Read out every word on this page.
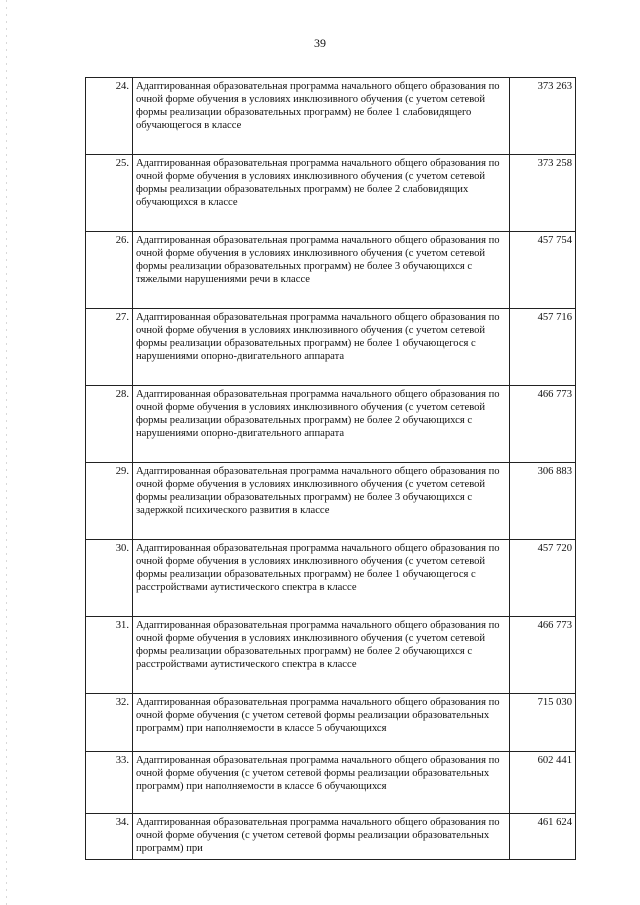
39
24.	Адаптированная образовательная программа начального общего образования по очной форме обучения в условиях инклюзивного обучения (с учетом сетевой формы реализации образовательных программ) не более 1 слабовидящего обучающегося в классе	373 263
25.	Адаптированная образовательная программа начального общего образования по очной форме обучения в условиях инклюзивного обучения (с учетом сетевой формы реализации образовательных программ) не более 2 слабовидящих обучающихся в классе	373 258
26.	Адаптированная образовательная программа начального общего образования по очной форме обучения в условиях инклюзивного обучения (с учетом сетевой формы реализации образовательных программ) не более 3 обучающихся с тяжелыми нарушениями речи в классе	457 754
27.	Адаптированная образовательная программа начального общего образования по очной форме обучения в условиях инклюзивного обучения (с учетом сетевой формы реализации образовательных программ) не более 1 обучающегося с нарушениями опорно-двигательного аппарата	457 716
28.	Адаптированная образовательная программа начального общего образования по очной форме обучения в условиях инклюзивного обучения (с учетом сетевой формы реализации образовательных программ) не более 2 обучающихся с нарушениями опорно-двигательного аппарата	466 773
29.	Адаптированная образовательная программа начального общего образования по очной форме обучения в условиях инклюзивного обучения (с учетом сетевой формы реализации образовательных программ) не более 3 обучающихся с задержкой психического развития в классе	306 883
30.	Адаптированная образовательная программа начального общего образования по очной форме обучения в условиях инклюзивного обучения (с учетом сетевой формы реализации образовательных программ) не более 1 обучающегося с расстройствами аутистического спектра в классе	457 720
31.	Адаптированная образовательная программа начального общего образования по очной форме обучения в условиях инклюзивного обучения (с учетом сетевой формы реализации образовательных программ) не более 2 обучающихся с расстройствами аутистического спектра в классе	466 773
32.	Адаптированная образовательная программа начального общего образования по очной форме обучения (с учетом сетевой формы реализации образовательных программ) при наполняемости в классе 5 обучающихся	715 030
33.	Адаптированная образовательная программа начального общего образования по очной форме обучения (с учетом сетевой формы реализации образовательных программ) при наполняемости в классе 6 обучающихся	602 441
34.	Адаптированная образовательная программа начального общего образования по очной форме обучения (с учетом сетевой формы реализации образовательных программ) при	461 624
